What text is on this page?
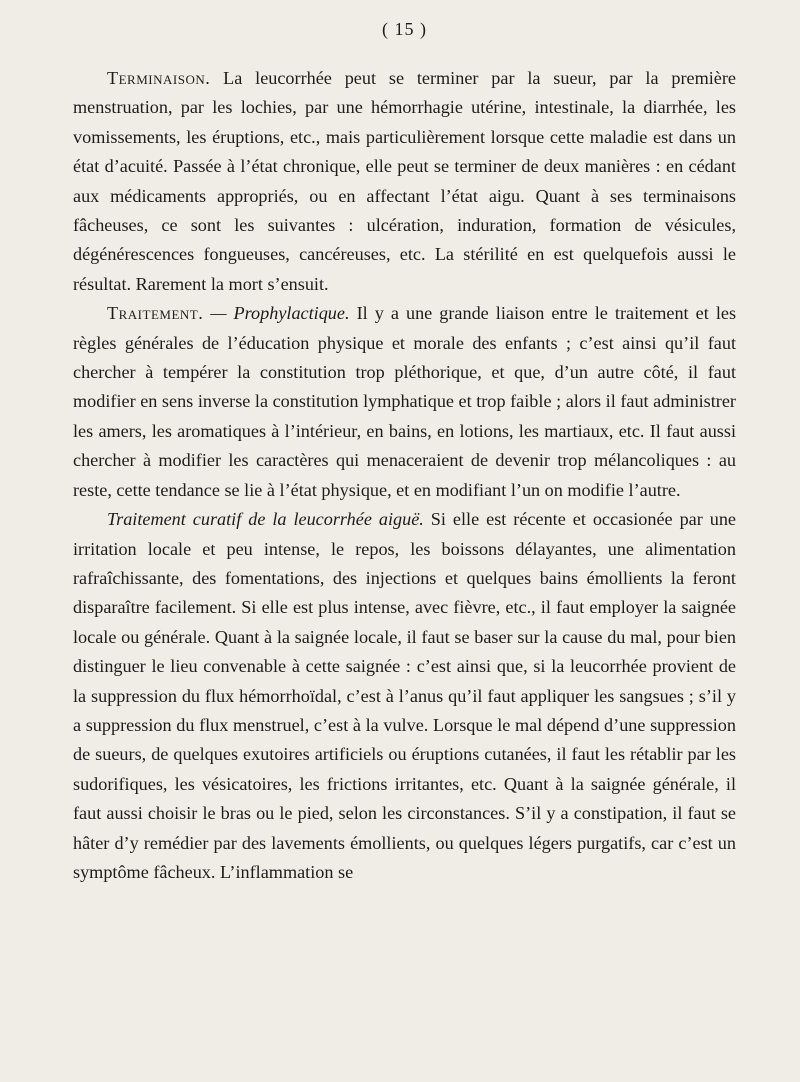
( 15 )

Terminaison. La leucorrhée peut se terminer par la sueur, par la première menstruation, par les lochies, par une hémorrhagie utérine, intestinale, la diarrhée, les vomissements, les éruptions, etc., mais particulièrement lorsque cette maladie est dans un état d’acuité. Passée à l’état chronique, elle peut se terminer de deux manières : en cédant aux médicaments appropriés, ou en affectant l’état aigu. Quant à ses terminaisons fâcheuses, ce sont les suivantes : ulcération, induration, formation de vésicules, dégénérescences fongueuses, cancéreuses, etc. La stérilité en est quelquefois aussi le résultat. Rarement la mort s’ensuit.

Traitement. — Prophylactique. Il y a une grande liaison entre le traitement et les règles générales de l’éducation physique et morale des enfants ; c’est ainsi qu’il faut chercher à tempérer la constitution trop pléthorique, et que, d’un autre côté, il faut modifier en sens inverse la constitution lymphatique et trop faible ; alors il faut administrer les amers, les aromatiques à l’intérieur, en bains, en lotions, les martiaux, etc. Il faut aussi chercher à modifier les caractères qui menaceraient de devenir trop mélancoliques : au reste, cette tendance se lie à l’état physique, et en modifiant l’un on modifie l’autre.

Traitement curatif de la leucorrhée aiguë. Si elle est récente et occasionée par une irritation locale et peu intense, le repos, les boissons délayantes, une alimentation rafraîchissante, des fomentations, des injections et quelques bains émollients la feront disparaître facilement. Si elle est plus intense, avec fièvre, etc., il faut employer la saignée locale ou générale. Quant à la saignée locale, il faut se baser sur la cause du mal, pour bien distinguer le lieu convenable à cette saignée : c’est ainsi que, si la leucorrhée provient de la suppression du flux hémorrhoïdal, c’est à l’anus qu’il faut appliquer les sangsues ; s’il y a suppression du flux menstruel, c’est à la vulve. Lorsque le mal dépend d’une suppression de sueurs, de quelques exutoires artificiels ou éruptions cutanées, il faut les rétablir par les sudorifiques, les vésicatoires, les frictions irritantes, etc. Quant à la saignée générale, il faut aussi choisir le bras ou le pied, selon les circonstances. S’il y a constipation, il faut se hâter d’y remédier par des lavements émollients, ou quelques légers purgatifs, car c’est un symptôme fâcheux. L’inflammation se
